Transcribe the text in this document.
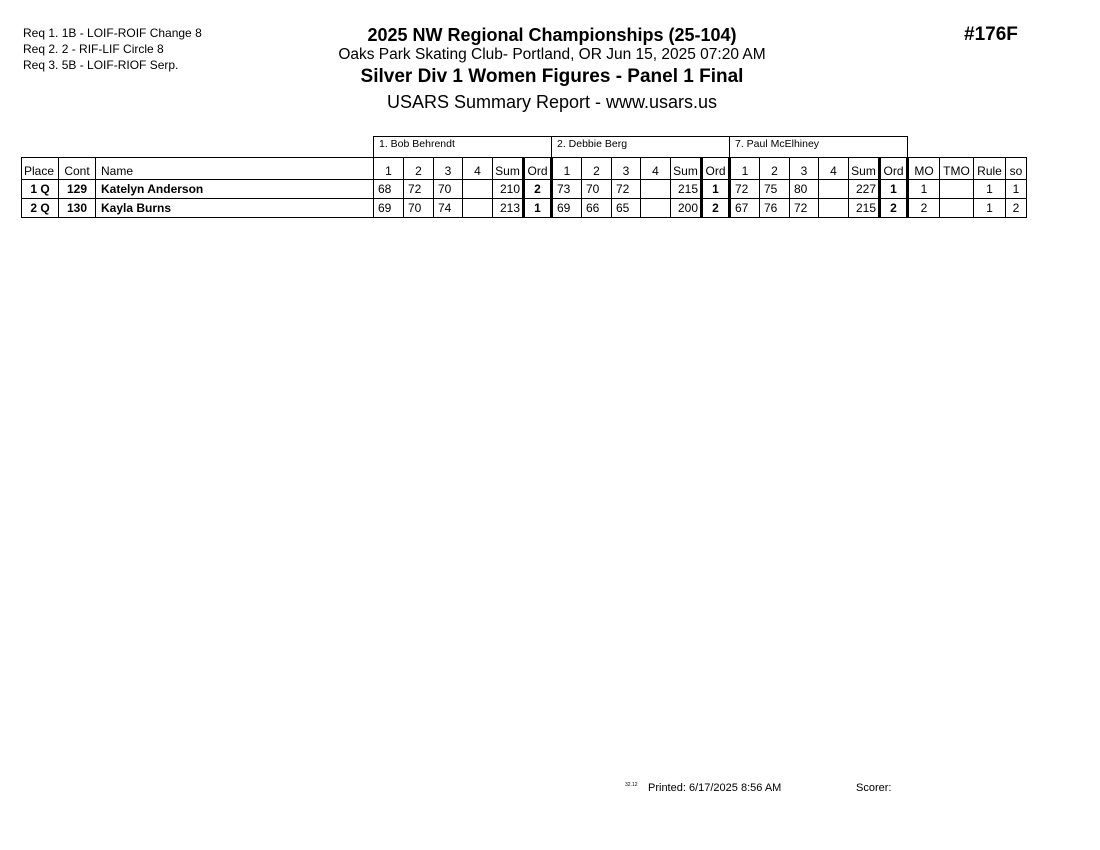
Req 1. 1B - LOIF-ROIF Change 8
Req 2. 2 - RIF-LIF Circle 8
Req 3. 5B - LOIF-RIOF Serp.
2025 NW Regional Championships (25-104)
Oaks Park Skating Club- Portland, OR Jun 15, 2025 07:20 AM
Silver Div 1 Women Figures - Panel 1 Final
USARS Summary Report - www.usars.us
#176F
			1. Bob Behrendt						2. Debbie Berg						7. Paul McElhiney									
Place	Cont	Name	1	2	3	4	Sum	Ord	1	2	3	4	Sum	Ord	1	2	3	4	Sum	Ord	MO	TMO	Rule	so
1 Q	129	Katelyn Anderson	68	72	70		210	2	73	70	72		215	1	72	75	80		227	1	1		1	1
2 Q	130	Kayla Burns	69	70	74		213	1	69	66	65		200	2	67	76	72		215	2	2		1	2
32.12 Printed: 6/17/2025 8:56 AM	Scorer:
